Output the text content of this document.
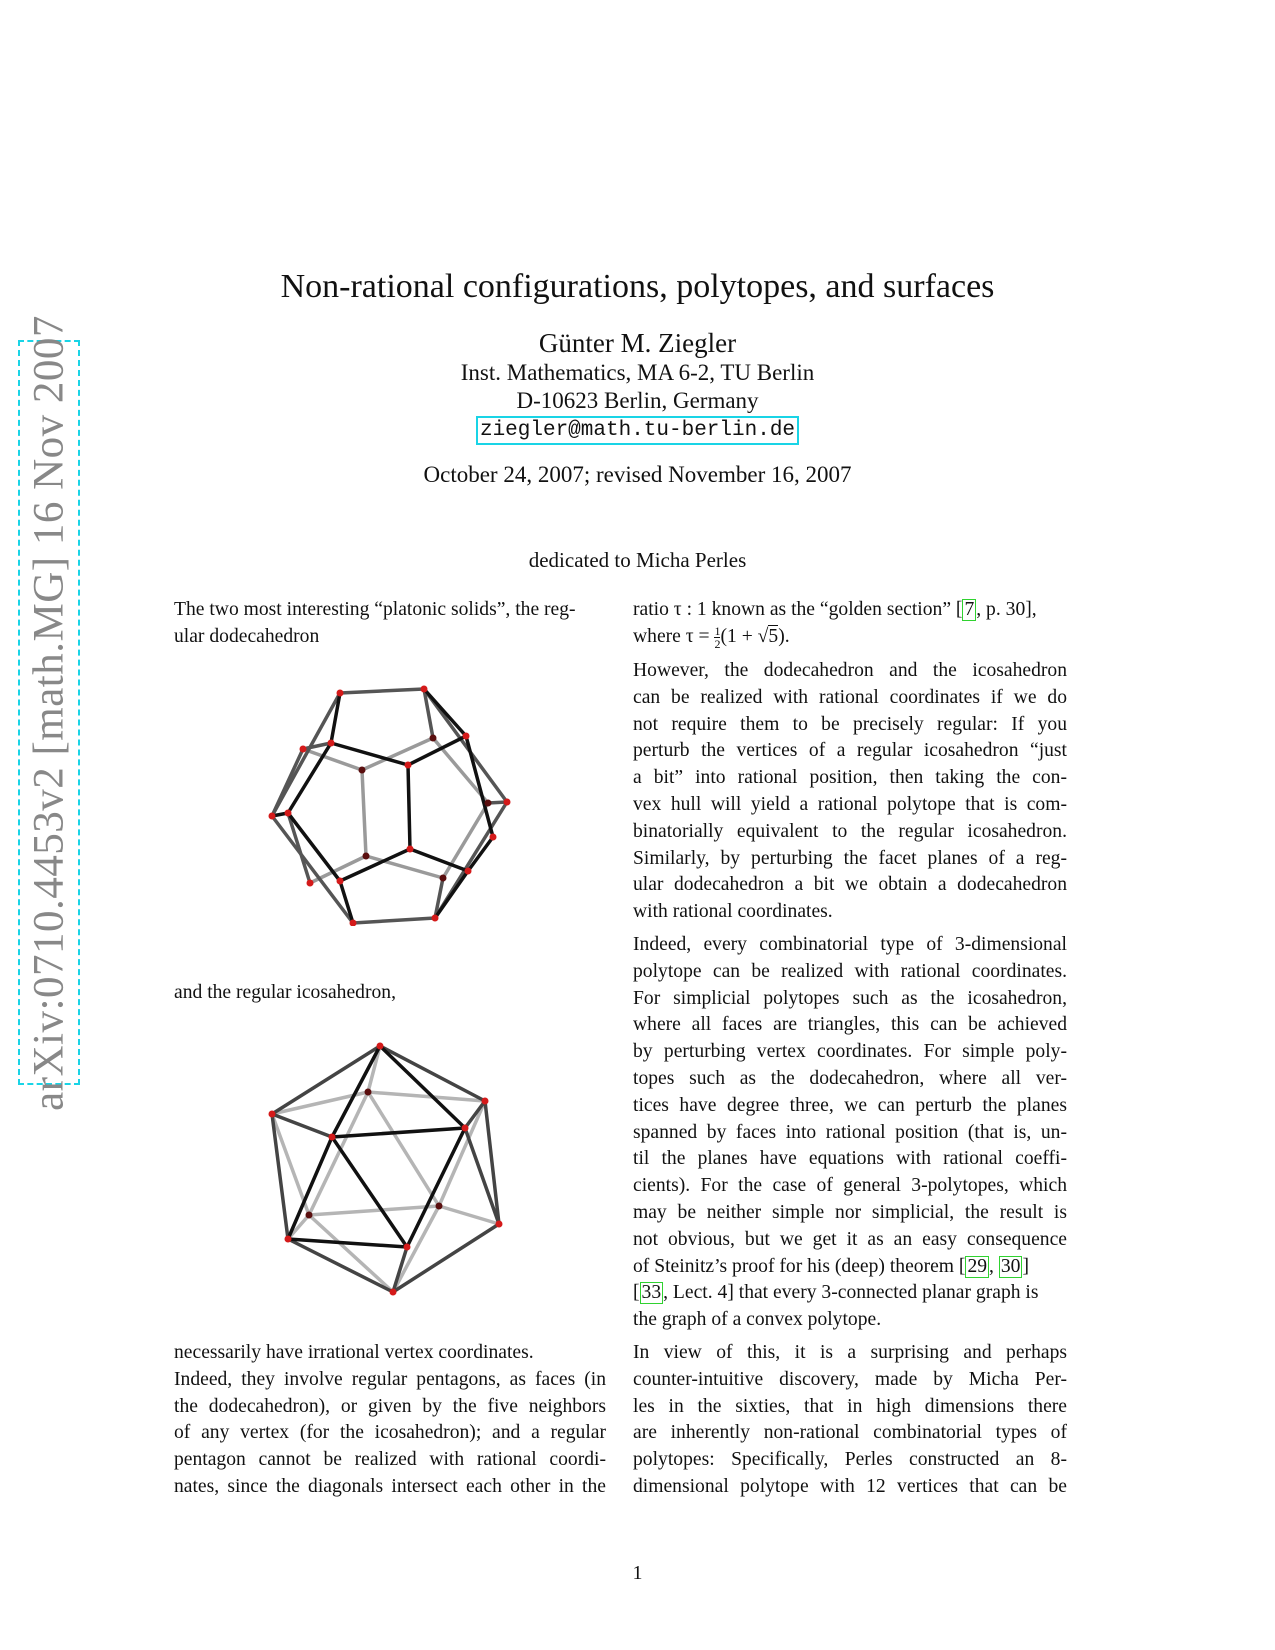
arXiv:0710.4453v2 [math.MG] 16 Nov 2007
Non-rational configurations, polytopes, and surfaces
Günter M. Ziegler
Inst. Mathematics, MA 6-2, TU Berlin
D-10623 Berlin, Germany
ziegler@math.tu-berlin.de
October 24, 2007; revised November 16, 2007
dedicated to Micha Perles
The two most interesting “platonic solids”, the reg-
ular dodecahedron
and the regular icosahedron,
necessarily have irrational vertex coordinates.
Indeed, they involve regular pentagons, as faces (in
the dodecahedron), or given by the five neighbors
of any vertex (for the icosahedron); and a regular
pentagon cannot be realized with rational coordi-
nates, since the diagonals intersect each other in the
ratio τ : 1 known as the “golden section” [ 7 , p. 30],
where $\tau = \frac{1}{2} (1 + √5)$.
However, the dodecahedron and the icosahedron
can be realized with rational coordinates if we do
not require them to be precisely regular: If you
perturb the vertices of a regular icosahedron “just
a bit” into rational position, then taking the con-
vex hull will yield a rational polytope that is com-
binatorially equivalent to the regular icosahedron.
Similarly, by perturbing the facet planes of a reg-
ular dodecahedron a bit we obtain a dodecahedron
with rational coordinates.
Indeed, every combinatorial type of 3-dimensional
polytope can be realized with rational coordinates.
For simplicial polytopes such as the icosahedron,
where all faces are triangles, this can be achieved
by perturbing vertex coordinates. For simple poly-
topes such as the dodecahedron, where all ver-
tices have degree three, we can perturb the planes
spanned by faces into rational position (that is, un-
til the planes have equations with rational coeffi-
cients). For the case of general 3-polytopes, which
may be neither simple nor simplicial, the result is
not obvious, but we get it as an easy consequence
of Steinitz’s proof for his (deep) theorem [ 29 , 30 ]
[ 33 , Lect. 4] that every 3-connected planar graph is
the graph of a convex polytope.
In view of this, it is a surprising and perhaps
counter-intuitive discovery, made by Micha Per-
les in the sixties, that in high dimensions there
are inherently non-rational combinatorial types of
polytopes: Specifically, Perles constructed an 8-
dimensional polytope with 12 vertices that can be
1
